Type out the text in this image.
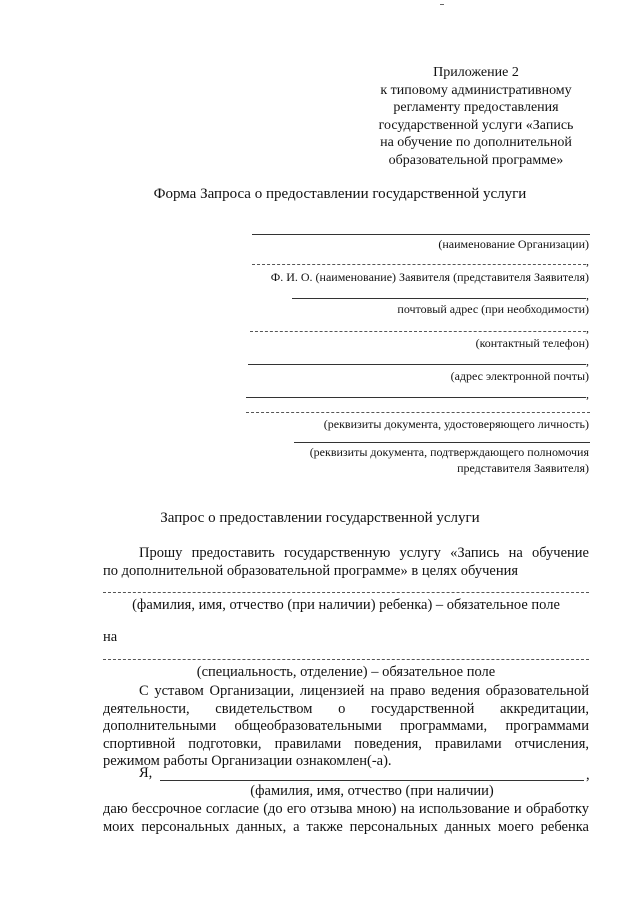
Приложение 2
к типовому административному
регламенту предоставления
государственной услуги «Запись
на обучение по дополнительной
образовательной программе»
Форма Запроса о предоставлении государственной услуги
(наименование Организации)
,
Ф. И. О. (наименование) Заявителя (представителя Заявителя)
,
почтовый адрес (при необходимости)
,
(контактный телефон)
,
(адрес электронной почты)
,
(реквизиты документа, удостоверяющего личность)
(реквизиты документа, подтверждающего полномочия
представителя Заявителя)
Запрос о предоставлении государственной услуги
Прошу предоставить государственную услугу «Запись на обучение
по дополнительной образовательной программе» в целях обучения
(фамилия, имя, отчество (при наличии) ребенка) – обязательное поле
на
(специальность, отделение) – обязательное поле
С уставом Организации, лицензией на право ведения образовательной
деятельности, свидетельством о государственной аккредитации,
дополнительными общеобразовательными программами, программами
спортивной подготовки, правилами поведения, правилами отчисления,
режимом работы Организации ознакомлен(-а).
Я,	,
(фамилия, имя, отчество (при наличии)
даю бессрочное согласие (до его отзыва мною) на использование и обработку
моих персональных данных, а также персональных данных моего ребенка
